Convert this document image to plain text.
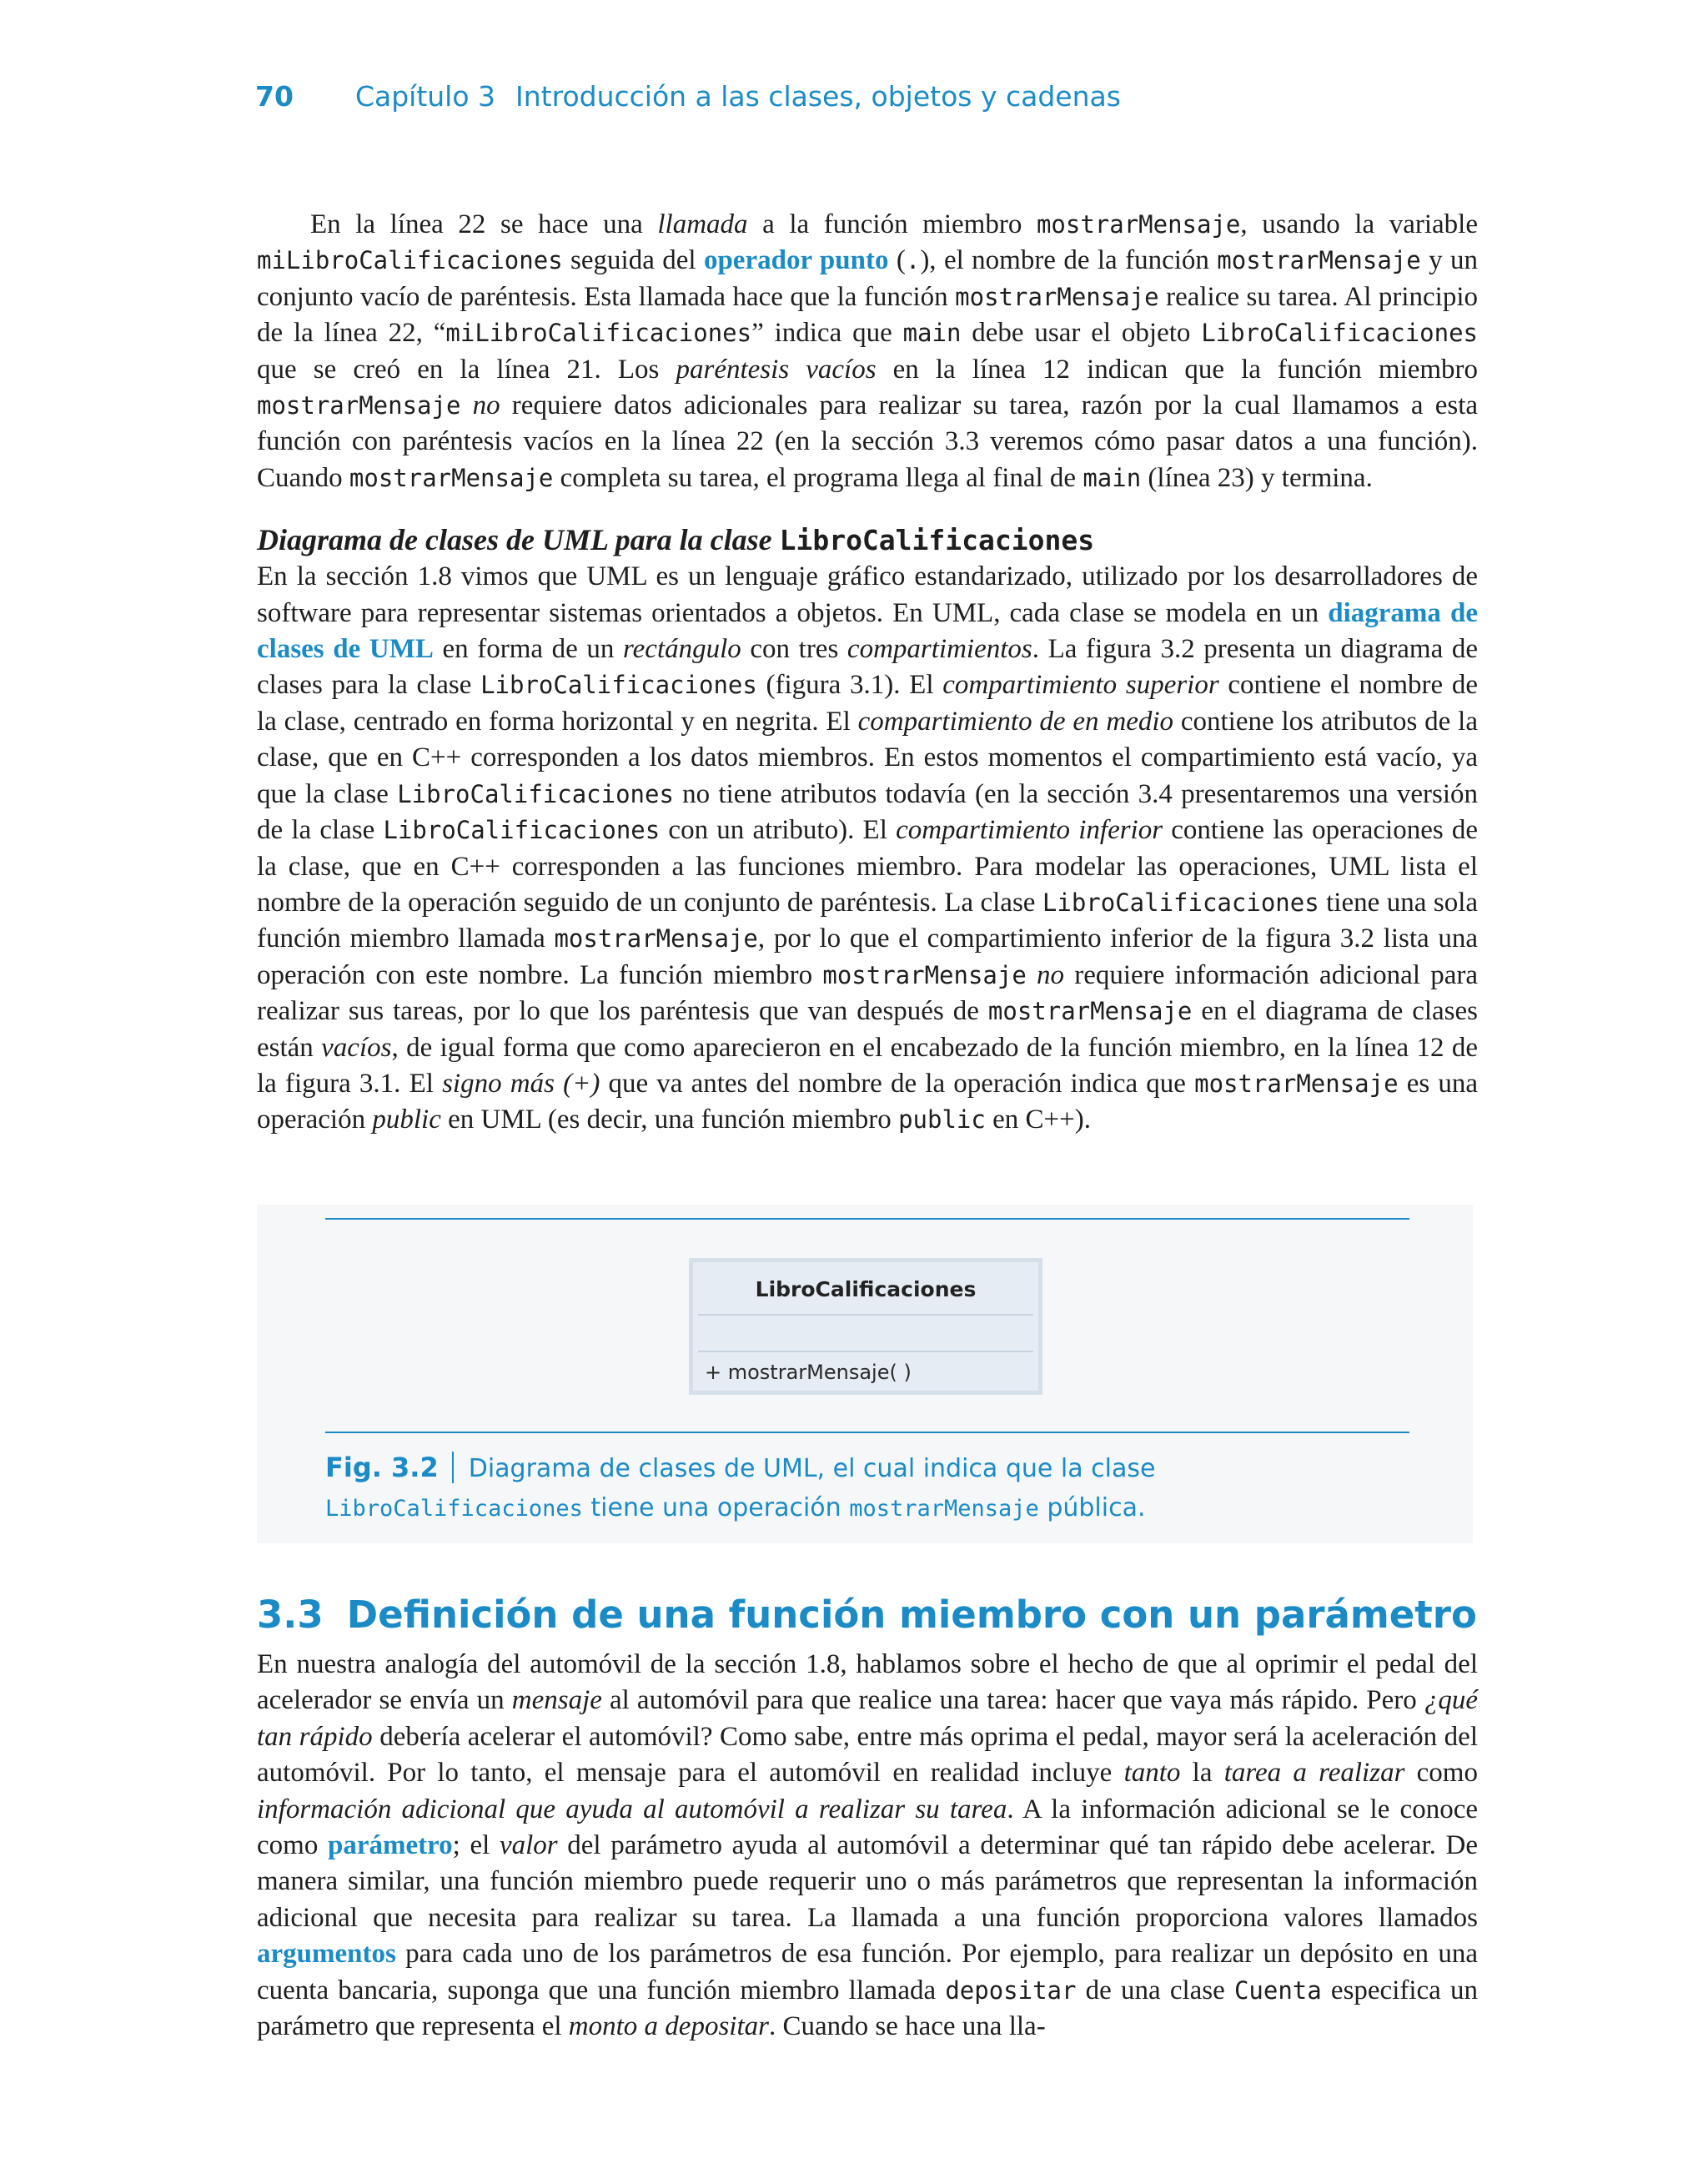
70 Capítulo 3 Introducción a las clases, objetos y cadenas

En la línea 22 se hace una llamada a la función miembro mostrarMensaje, usando la variable miLibroCalificaciones seguida del operador punto (.), el nombre de la función mostrarMensaje y un conjunto vacío de paréntesis. Esta llamada hace que la función mostrarMensaje realice su tarea. Al principio de la línea 22, “miLibroCalificaciones” indica que main debe usar el objeto LibroCalificaciones que se creó en la línea 21. Los paréntesis vacíos en la línea 12 indican que la función miembro mostrarMensaje no requiere datos adicionales para realizar su tarea, razón por la cual llamamos a esta función con paréntesis vacíos en la línea 22 (en la sección 3.3 veremos cómo pasar datos a una función). Cuando mostrarMensaje completa su tarea, el programa llega al final de main (línea 23) y termina.

Diagrama de clases de UML para la clase LibroCalificaciones

En la sección 1.8 vimos que UML es un lenguaje gráfico estandarizado, utilizado por los desarrolladores de software para representar sistemas orientados a objetos. En UML, cada clase se modela en un diagrama de clases de UML en forma de un rectángulo con tres compartimientos. La figura 3.2 presenta un diagrama de clases para la clase LibroCalificaciones (figura 3.1). El compartimiento superior contiene el nombre de la clase, centrado en forma horizontal y en negrita. El compartimiento de en medio contiene los atributos de la clase, que en C++ corresponden a los datos miembros. En estos momentos el compartimiento está vacío, ya que la clase LibroCalificaciones no tiene atributos todavía (en la sección 3.4 presentaremos una versión de la clase LibroCalificaciones con un atributo). El compartimiento inferior contiene las operaciones de la clase, que en C++ corresponden a las funciones miembro. Para modelar las operaciones, UML lista el nombre de la operación seguido de un conjunto de paréntesis. La clase LibroCalificaciones tiene una sola función miembro llamada mostrarMensaje, por lo que el compartimiento inferior de la figura 3.2 lista una operación con este nombre. La función miembro mostrarMensaje no requiere información adicional para realizar sus tareas, por lo que los paréntesis que van después de mostrarMensaje en el diagrama de clases están vacíos, de igual forma que como aparecieron en el encabezado de la función miembro, en la línea 12 de la figura 3.1. El signo más (+) que va antes del nombre de la operación indica que mostrarMensaje es una operación public en UML (es decir, una función miembro public en C++).

LibroCalificaciones
+ mostrarMensaje( )
Fig. 3.2 Diagrama de clases de UML, el cual indica que la clase LibroCalificaciones tiene una operación mostrarMensaje pública.
3.3 Definición de una función miembro con un parámetro

En nuestra analogía del automóvil de la sección 1.8, hablamos sobre el hecho de que al oprimir el pedal del acelerador se envía un mensaje al automóvil para que realice una tarea: hacer que vaya más rápido. Pero ¿qué tan rápido debería acelerar el automóvil? Como sabe, entre más oprima el pedal, mayor será la aceleración del automóvil. Por lo tanto, el mensaje para el automóvil en realidad incluye tanto la tarea a realizar como información adicional que ayuda al automóvil a realizar su tarea. A la información adicional se le conoce como parámetro; el valor del parámetro ayuda al automóvil a determinar qué tan rápido debe acelerar. De manera similar, una función miembro puede requerir uno o más parámetros que representan la información adicional que necesita para realizar su tarea. La llamada a una función proporciona valores llamados argumentos para cada uno de los parámetros de esa función. Por ejemplo, para realizar un depósito en una cuenta bancaria, suponga que una función miembro llamada depositar de una clase Cuenta especifica un parámetro que representa el monto a depositar. Cuando se hace una lla-
